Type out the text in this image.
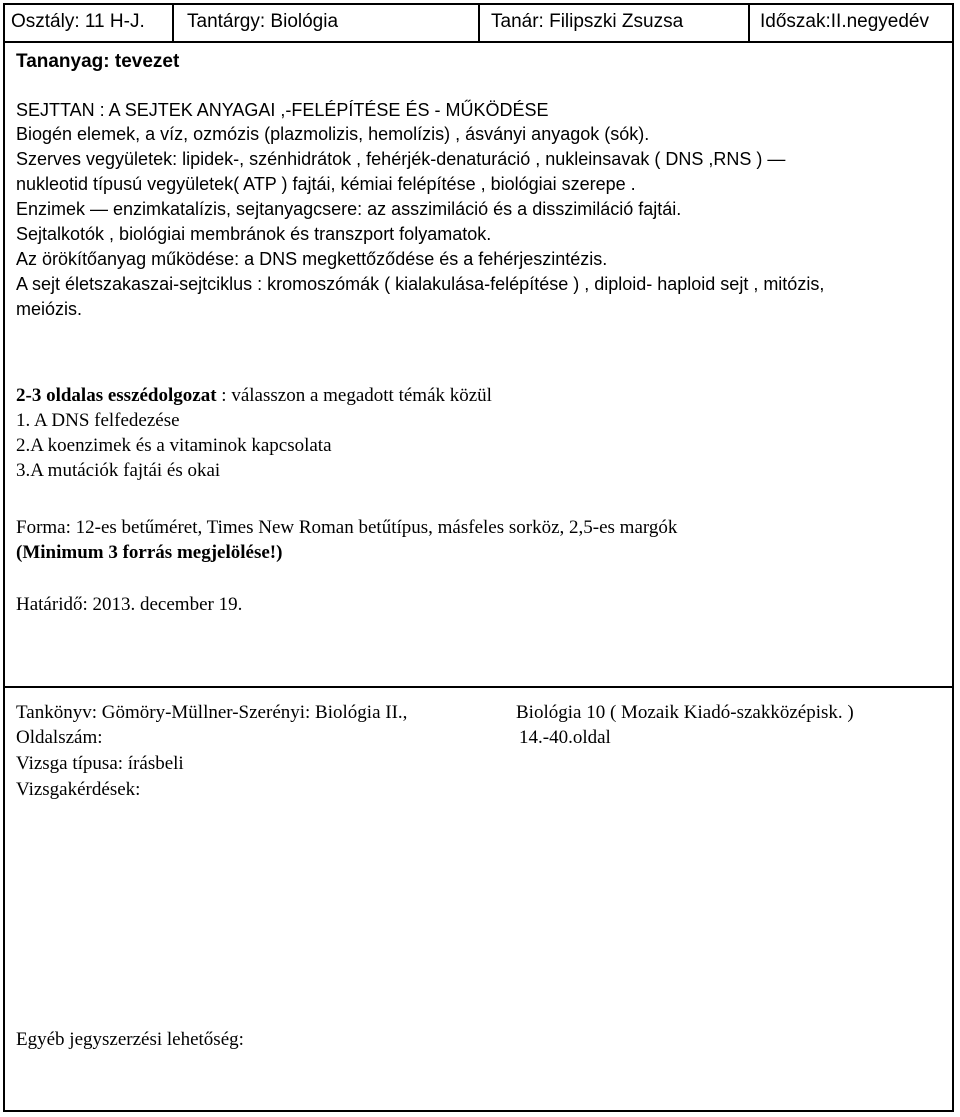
Osztály: 11 H-J. Tantárgy: Biológia	Tanár: Filipszki Zsuzsa	Időszak:II.negyedév
Tananyag: tevezet
SEJTTAN : A SEJTEK ANYAGAI ,-FELÉPÍTÉSE ÉS - MŰKÖDÉSE
Biogén elemek, a víz, ozmózis (plazmolizis, hemolízis) , ásványi anyagok (sók).
Szerves vegyületek: lipidek-, szénhidrátok , fehérjék-denaturáció , nukleinsavak ( DNS ,RNS ) ―
nukleotid típusú vegyületek( ATP ) fajtái, kémiai felépítése , biológiai szerepe .
Enzimek ― enzimkatalízis, sejtanyagcsere: az asszimiláció és a disszimiláció fajtái.
Sejtalkotók , biológiai membránok és transzport folyamatok.
Az örökítőanyag működése: a DNS megkettőződése és a fehérjeszintézis.
A sejt életszakaszai-sejtciklus : kromoszómák ( kialakulása-felépítése ) , diploid- haploid sejt , mitózis,
meiózis.
2-3 oldalas esszédolgozat : válasszon a megadott témák közül
1. A DNS felfedezése
2.A koenzimek és a vitaminok kapcsolata
3.A mutációk fajtái és okai
Forma: 12-es betűméret, Times New Roman betűtípus, másfeles sorköz, 2,5-es margók
(Minimum 3 forrás megjelölése!)
Határidő: 2013. december 19.
Tankönyv: Gömöry-Müllner-Szerényi: Biológia II.,	Biológia 10 ( Mozaik Kiadó-szakközépisk. )
Oldalszám:	14.-40.oldal
Vizsga típusa: írásbeli
Vizsgakérdések:
Egyéb jegyszerzési lehetőség:
